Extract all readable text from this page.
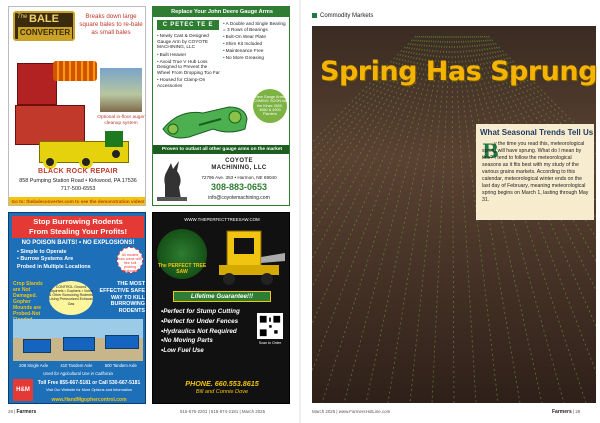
The BALE
CONVERTER
Breaks down large square bales to re-bale as small bales
Optional in-floor auger cleanup system
BLACK ROCK REPAIR
858 Pumping Station Road • Kirkwood, PA 17536
717-500-6553
Go to: thebaleconverter.com to see the demonstration video!
Replace Your John Deere Gauge Arms
C PETEC TE E
• Newly Cast & Designed Gauge Arm by COYOTE MACHINING, LLC
• Built Heavier
• Avoid True V Hub Loss Designed to Prevent the Wheel From Dropping Too Far
• Housed for Clamp-On Accessories
• A Double and Single Bearing = 3 Rows of Bearings
• Bolt-On Wear Plate
• Shim Kit Included
• Maintenance Free
• No More Greasing
New Gauge Arms COMING SOON for the Kinze 3600, 3660 & 4900 Planters
Proven to outlast all other gauge arms on the market
COYOTE
MACHINING, LLC
72796 Ave. 353 • Harmon, NE 69040
308-883-0653
info@coyotemachining.com
Stop Burrowing Rodents
From Stealing Your Profits!
NO POISON BAITS! • NO EXPLOSIONS!
• Simple to Operate
• Burrow Systems Are
Probed in Multiple Locations
All models now come with free soil probing equipment
Crop Stands are Not Damaged. Gopher Mounds are Probed-Not
CONTROL Ground Squirrels • Gophers • Voles & Other Burrowing Rodents Using Pressurized Exhaust Gas
THE MOST EFFECTIVE SAFE WAY TO KILL BURROWING RODENTS
208 Single Axle	410 Tandem Axle	500 Tandem Axle
Used for Agricultural Use in California
H&M
Toll Free 855-667-5181 or Call 530-667-5181
Visit Our Website for More Options and Information
www.HandMgophercontrol.com
WWW.THEPERFECTTREESAW.COM
The PERFECT TREE SAW
Lifetime Guarantee!!!
• Perfect for Stump Cutting
• Perfect for Under Fences
• Hydraulics Not Required
• No Moving Parts
• Low Fuel Use
Scan to Order
PHONE. 660.553.8615
Bill and Connie Dove
28 | Farmers	515-576-2201 | 515-574-2181 | March 2025	March 2025 | www.FarmersHotLine.com	Farmers | 29
Commodity Markets
Spring Has Sprung
What Seasonal Trends Tell Us
B
y the time you read this, meteorological spring will have sprung. What do I mean by this? I tend to follow the meteorological seasons as it fits best with my study of the various grains markets. According to this calendar, meteorological winter ends on the last day of February, meaning meteorological spring begins on March 1, lasting through May 31.
